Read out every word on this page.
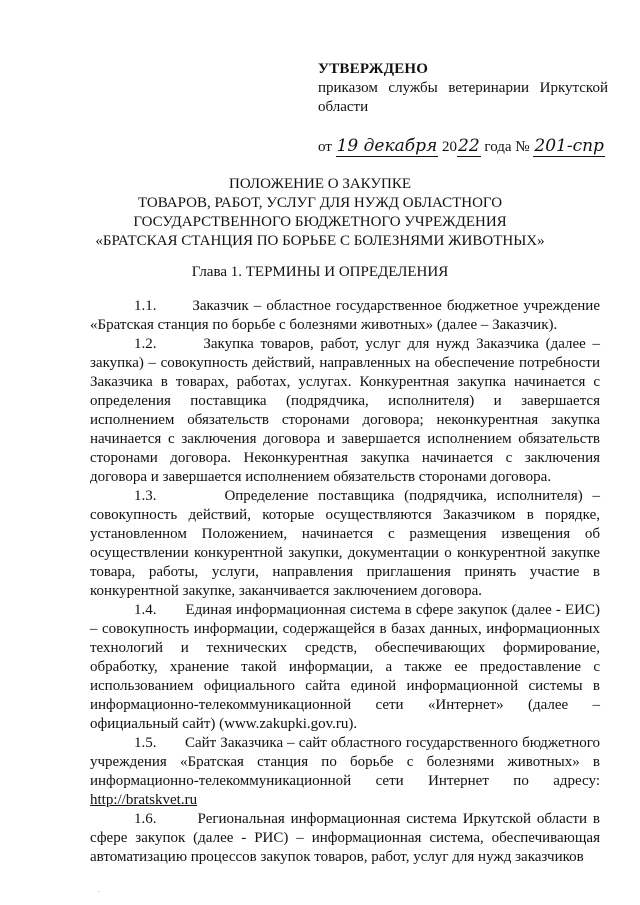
УТВЕРЖДЕНО
приказом службы ветеринарии Иркутской
области
от 19 декабря 2022 года № 201-спр
ПОЛОЖЕНИЕ О ЗАКУПКЕ
ТОВАРОВ, РАБОТ, УСЛУГ ДЛЯ НУЖД ОБЛАСТНОГО
ГОСУДАРСТВЕННОГО БЮДЖЕТНОГО УЧРЕЖДЕНИЯ
«БРАТСКАЯ СТАНЦИЯ ПО БОРЬБЕ С БОЛЕЗНЯМИ ЖИВОТНЫХ»
Глава 1. ТЕРМИНЫ И ОПРЕДЕЛЕНИЯ

1.1. Заказчик – областное государственное бюджетное учреждение «Братская станция по борьбе с болезнями животных» (далее – Заказчик).

1.2.	Закупка товаров, работ, услуг для нужд Заказчика (далее – закупка) – совокупность действий, направленных на обеспечение потребности Заказчика в товарах, работах, услугах. Конкурентная закупка начинается с определения поставщика (подрядчика, исполнителя) и завершается исполнением обязательств сторонами договора; неконкурентная закупка начинается с заключения договора и завершается исполнением обязательств сторонами договора. Неконкурентная закупка начинается с заключения договора и завершается исполнением обязательств сторонами договора.

1.3.	Определение поставщика (подрядчика, исполнителя) – совокупность действий, которые осуществляются Заказчиком в порядке, установленном Положением, начинается с размещения извещения об осуществлении конкурентной закупки, документации о конкурентной закупке товара, работы, услуги, направления приглашения принять участие в конкурентной закупке, заканчивается заключением договора.

1.4. Единая информационная система в сфере закупок (далее - ЕИС) – совокупность информации, содержащейся в базах данных, информационных технологий и технических средств, обеспечивающих формирование, обработку, хранение такой информации, а также ее предоставление с использованием официального сайта единой информационной системы в информационно-телекоммуникационной сети «Интернет» (далее – официальный сайт) (www.zakupki.gov.ru).

1.5. Сайт Заказчика – сайт областного государственного бюджетного учреждения «Братская станция по борьбе с болезнями животных» в информационно-телекоммуникационной сети Интернет по адресу: http://bratskvet.ru

1.6.	Региональная информационная система Иркутской области в сфере закупок (далее - РИС) – информационная система, обеспечивающая автоматизацию процессов закупок товаров, работ, услуг для нужд заказчиков

.
